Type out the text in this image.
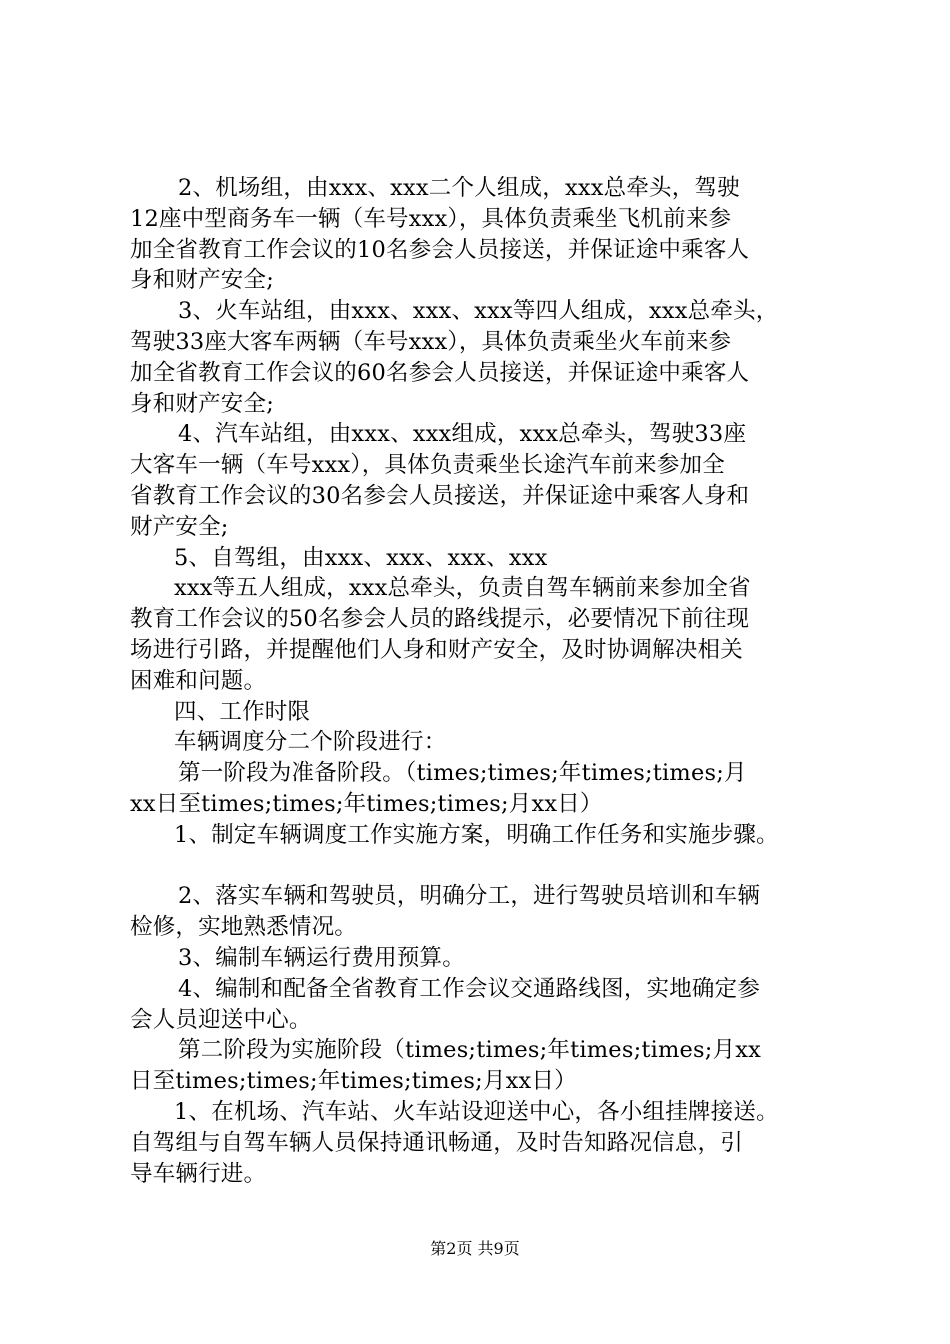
2、机场组，由xxx、xxx二个人组成，xxx总牵头，驾驶
12座中型商务车一辆（车号xxx），具体负责乘坐飞机前来参
加全省教育工作会议的10名参会人员接送，并保证途中乘客人
身和财产安全;
3、火车站组，由xxx、xxx、xxx等四人组成，xxx总牵头，
驾驶33座大客车两辆（车号xxx），具体负责乘坐火车前来参
加全省教育工作会议的60名参会人员接送，并保证途中乘客人
身和财产安全;
4、汽车站组，由xxx、xxx组成，xxx总牵头，驾驶33座
大客车一辆（车号xxx），具体负责乘坐长途汽车前来参加全
省教育工作会议的30名参会人员接送，并保证途中乘客人身和
财产安全;
5、自驾组，由xxx、xxx、xxx、xxx
xxx等五人组成，xxx总牵头，负责自驾车辆前来参加全省
教育工作会议的50名参会人员的路线提示，必要情况下前往现
场进行引路，并提醒他们人身和财产安全，及时协调解决相关
困难和问题。
四、工作时限
车辆调度分二个阶段进行：
第一阶段为准备阶段。（times;times;年times;times;月
xx日至times;times;年times;times;月xx日）
1、制定车辆调度工作实施方案，明确工作任务和实施步骤。
2、落实车辆和驾驶员，明确分工，进行驾驶员培训和车辆
检修，实地熟悉情况。
3、编制车辆运行费用预算。
4、编制和配备全省教育工作会议交通路线图，实地确定参
会人员迎送中心。
第二阶段为实施阶段（times;times;年times;times;月xx
日至times;times;年times;times;月xx日）
1、在机场、汽车站、火车站设迎送中心，各小组挂牌接送。
自驾组与自驾车辆人员保持通讯畅通，及时告知路况信息，引
导车辆行进。
第2页 共9页
